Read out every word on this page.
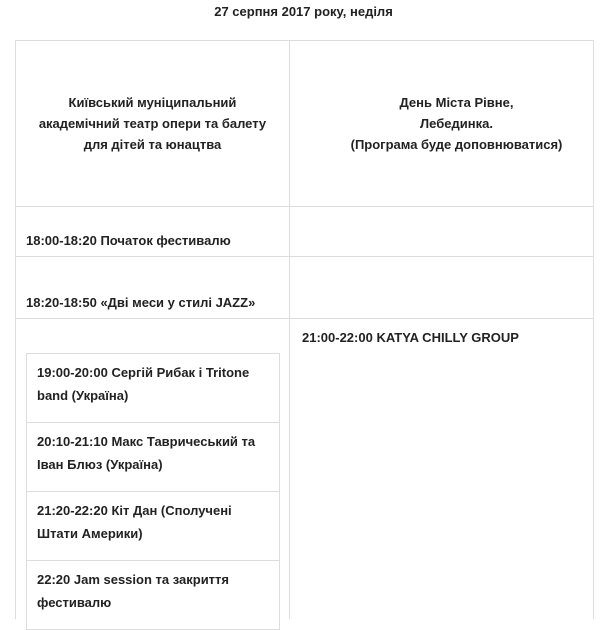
27 серпня 2017 року, неділя
Київський муніципальний
академічний театр опери та балету
для дітей та юнацтва
День Міста Рівне,
Лебединка.
(Програма буде доповнюватися)
18:00-18:20 Початок фестивалю
18:20-18:50 «Дві меси у стилі JAZZ»
19:00-20:00 Сергій Рибак і Tritone band (Україна)
20:10-21:10 Макс Тавричеський та Іван Блюз (Україна)
21:20-22:20 Кіт Дан (Сполучені Штати Америки)
22:20 Jam session та закриття фестивалю
21:00-22:00 KATYA CHILLY GROUP
